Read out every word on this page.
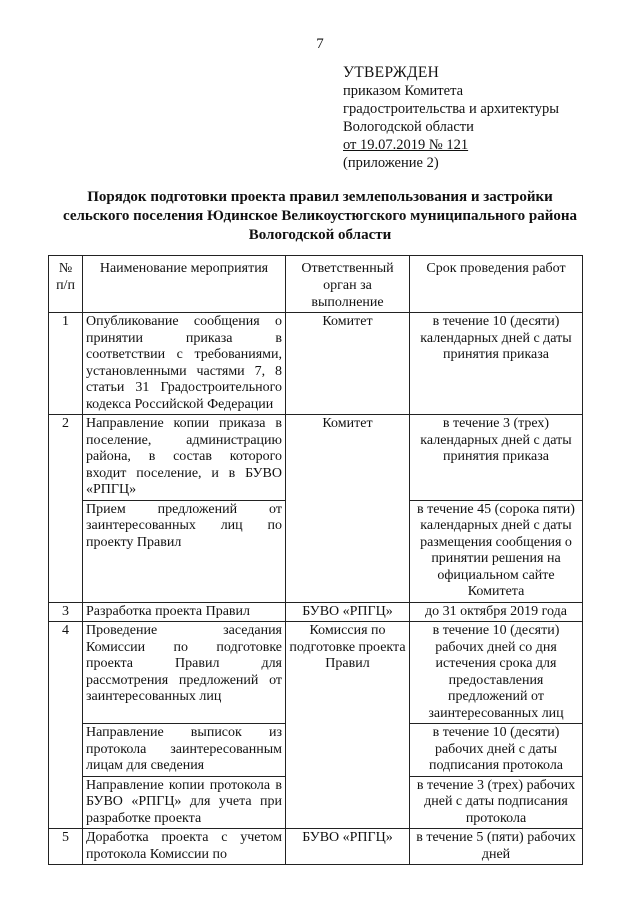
7
УТВЕРЖДЕН
приказом Комитета
градостроительства и архитектуры
Вологодской области
от 19.07.2019 № 121
(приложение 2)
Порядок подготовки проекта правил землепользования и застройки
сельского поселения Юдинское Великоустюгского муниципального района
Вологодской области
№ п/п	Наименование мероприятия	Ответственный орган за выполнение	Срок проведения работ
1	Опубликование сообщения о принятии приказа в соответствии с требованиями, установленными частями 7, 8 статьи 31 Градостроительного кодекса Российской Федерации	Комитет	в течение 10 (десяти) календарных дней с даты принятия приказа
2	Направление копии приказа в поселение, администрацию района, в состав которого входит поселение, и в БУВО «РПГЦ»	Комитет	в течение 3 (трех) календарных дней с даты принятия приказа
	Прием предложений от заинтересованных лиц по проекту Правил		в течение 45 (сорока пяти) календарных дней с даты размещения сообщения о принятии решения на официальном сайте Комитета
3	Разработка проекта Правил	БУВО «РПГЦ»	до 31 октября 2019 года
4	Проведение заседания Комиссии по подготовке проекта Правил для рассмотрения предложений от заинтересованных лиц	Комиссия по подготовке проекта Правил	в течение 10 (десяти) рабочих дней со дня истечения срока для предоставления предложений от заинтересованных лиц
	Направление выписок из протокола заинтересованным лицам для сведения		в течение 10 (десяти) рабочих дней с даты подписания протокола
	Направление копии протокола в БУВО «РПГЦ» для учета при разработке проекта		в течение 3 (трех) рабочих дней с даты подписания протокола
5	Доработка проекта с учетом протокола Комиссии по	БУВО «РПГЦ»	в течение 5 (пяти) рабочих дней
